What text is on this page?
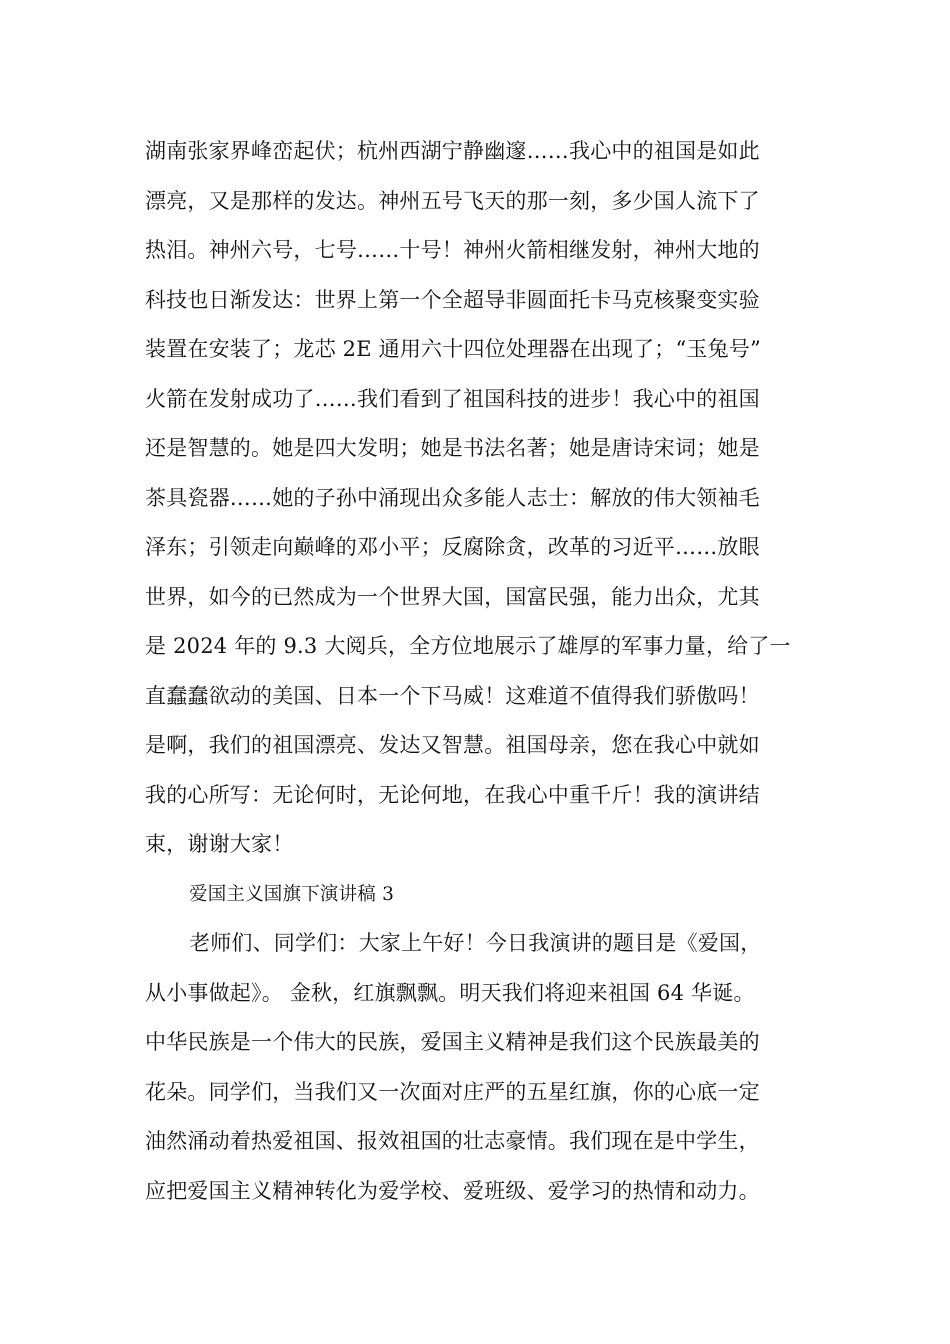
湖南张家界峰峦起伏；杭州西湖宁静幽邃……我心中的祖国是如此
漂亮，又是那样的发达。神州五号飞天的那一刻，多少国人流下了
热泪。神州六号，七号……十号！神州火箭相继发射，神州大地的
科技也日渐发达：世界上第一个全超导非圆面托卡马克核聚变实验
装置在安装了；龙芯 2E 通用六十四位处理器在出现了；“玉兔号”
火箭在发射成功了……我们看到了祖国科技的进步！我心中的祖国
还是智慧的。她是四大发明；她是书法名著；她是唐诗宋词；她是
茶具瓷器……她的子孙中涌现出众多能人志士：解放的伟大领袖毛
泽东；引领走向巅峰的邓小平；反腐除贪，改革的习近平……放眼
世界，如今的已然成为一个世界大国，国富民强，能力出众，尤其
是 2024 年的 9.3 大阅兵，全方位地展示了雄厚的军事力量，给了一
直蠢蠢欲动的美国、日本一个下马威！这难道不值得我们骄傲吗！
是啊，我们的祖国漂亮、发达又智慧。祖国母亲，您在我心中就如
我的心所写：无论何时，无论何地，在我心中重千斤！我的演讲结
束，谢谢大家！
爱国主义国旗下演讲稿 3
老师们、同学们：大家上午好！今日我演讲的题目是《爱国，
从小事做起》。 金秋，红旗飘飘。明天我们将迎来祖国 64 华诞。
中华民族是一个伟大的民族，爱国主义精神是我们这个民族最美的
花朵。同学们，当我们又一次面对庄严的五星红旗，你的心底一定
油然涌动着热爱祖国、报效祖国的壮志豪情。我们现在是中学生，
应把爱国主义精神转化为爱学校、爱班级、爱学习的热情和动力。
